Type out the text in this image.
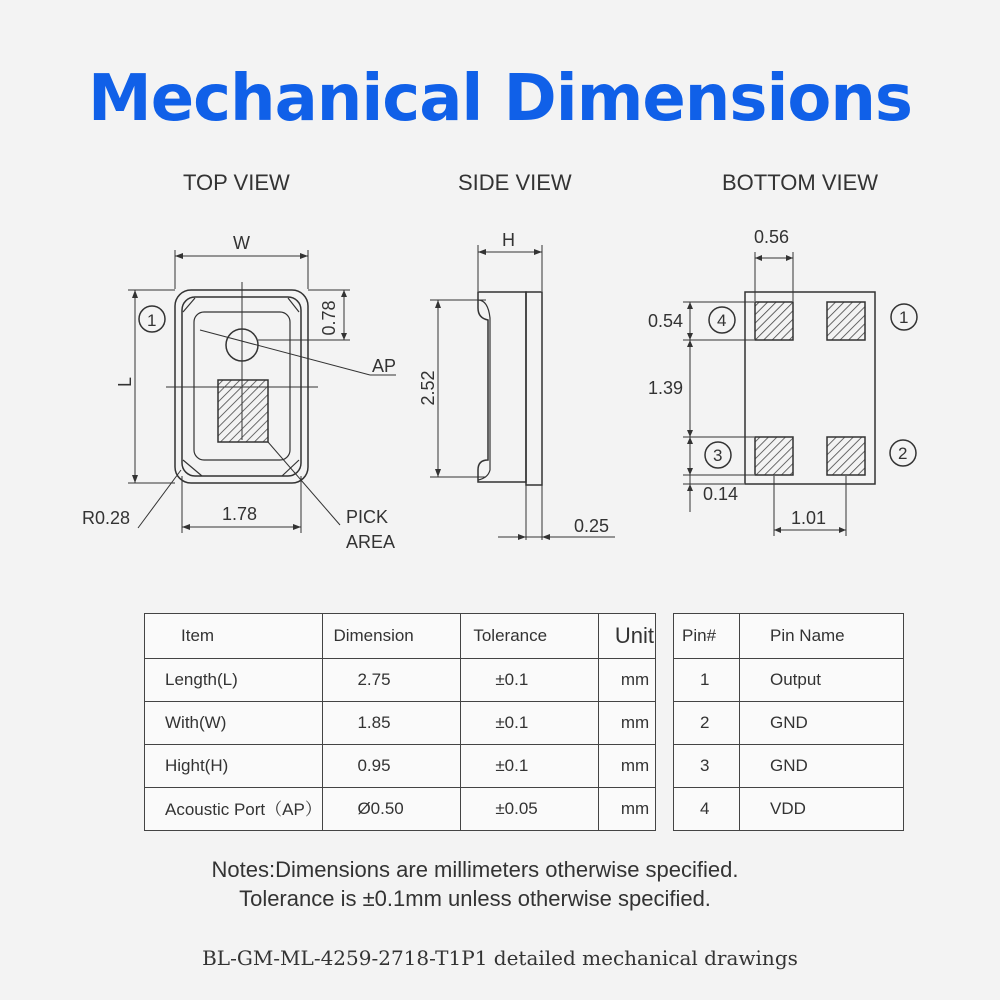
Mechanical Dimensions
TOP VIEW	SIDE VIEW	BOTTOM VIEW
W
L
0.78
AP
R0.28	1.78	PICK
AREA
1
H
2.52
0.25
0.56
0.54
1.39
0.14
1.01
4	1
3	2
Item	Dimension	Tolerance	Unit
Length(L)	2.75	±0.1	mm
With(W)	1.85	±0.1	mm
Hight(H)	0.95	±0.1	mm
Acoustic Port（AP）	Ø0.50	±0.05	mm
Pin#	Pin Name
1	Output
2	GND
3	GND
4	VDD
Notes:Dimensions are millimeters otherwise specified.
Tolerance is ±0.1mm unless otherwise specified.
BL-GM-ML-4259-2718-T1P1 detailed mechanical drawings
